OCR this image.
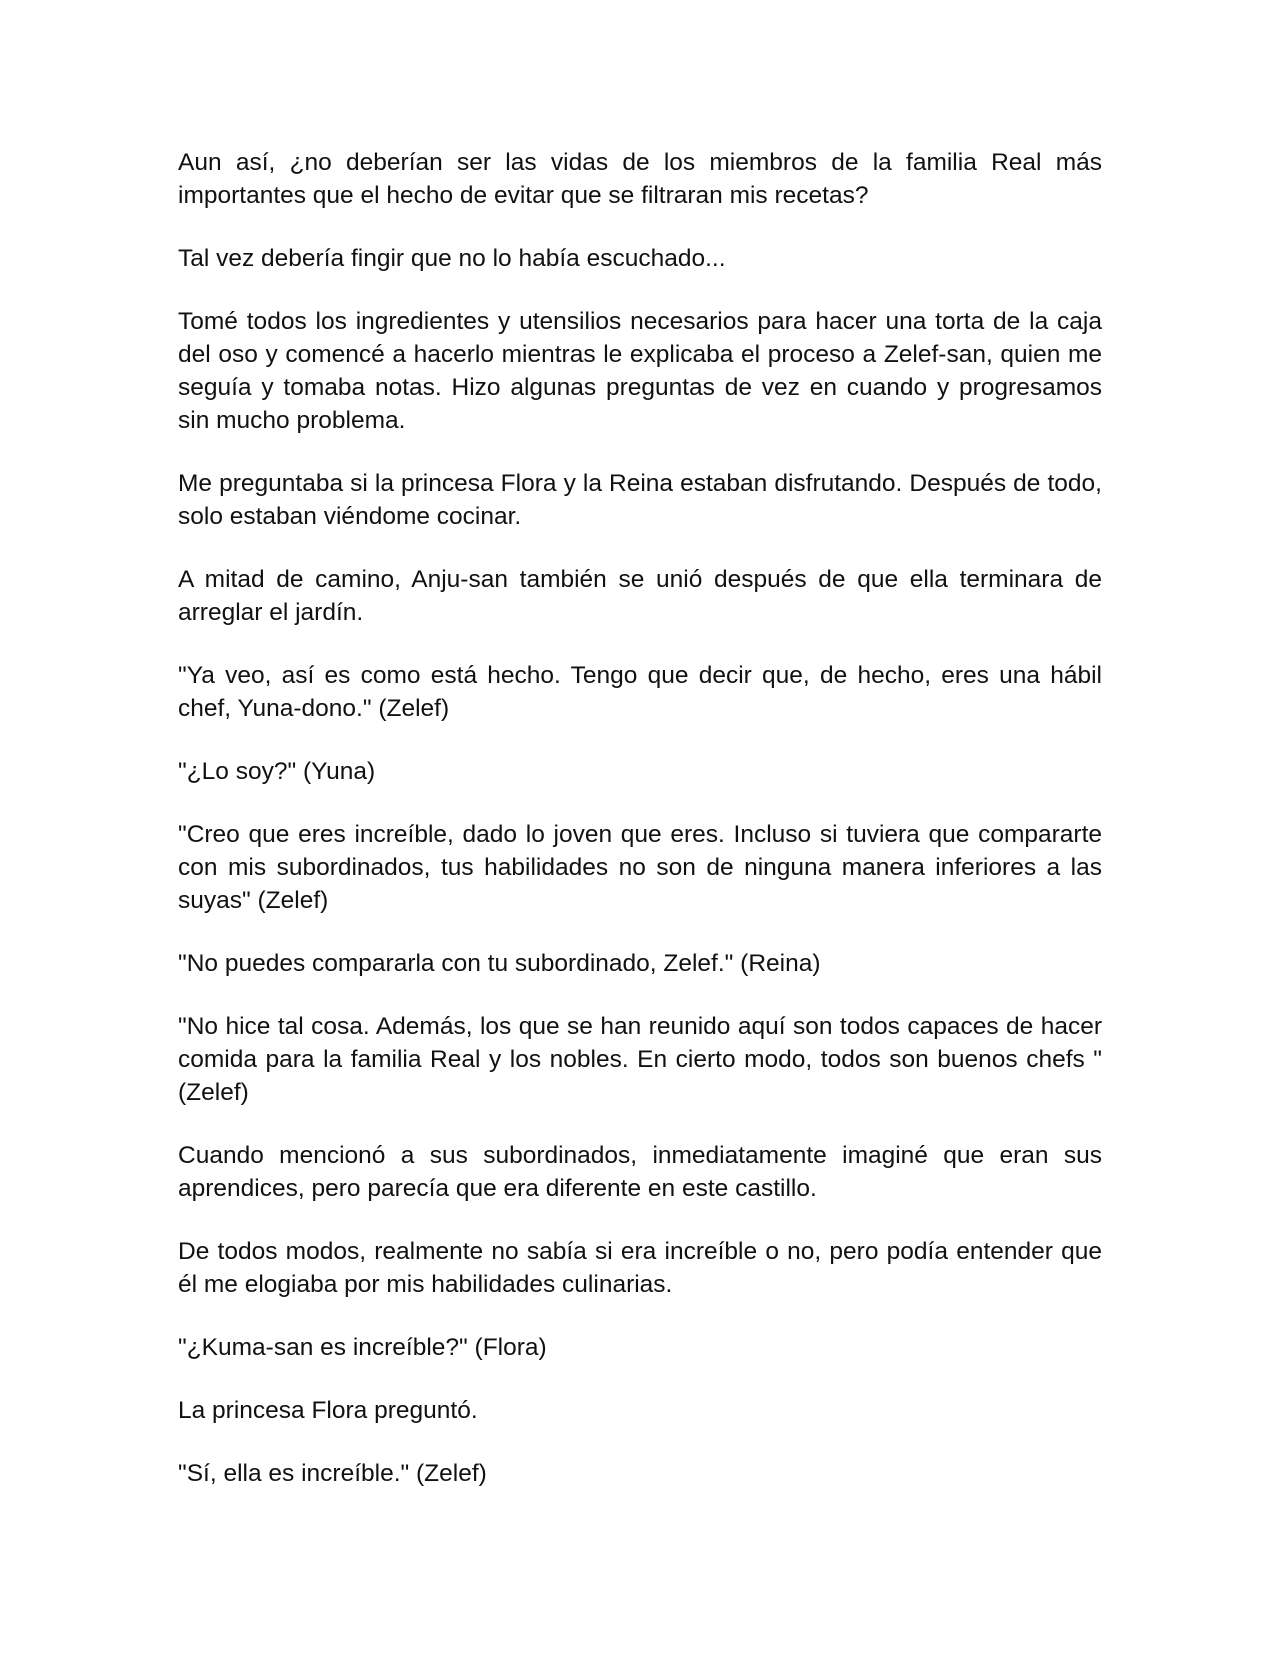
Aun así, ¿no deberían ser las vidas de los miembros de la familia Real más importantes que el hecho de evitar que se filtraran mis recetas?

Tal vez debería fingir que no lo había escuchado...

Tomé todos los ingredientes y utensilios necesarios para hacer una torta de la caja del oso y comencé a hacerlo mientras le explicaba el proceso a Zelef-san, quien me seguía y tomaba notas. Hizo algunas preguntas de vez en cuando y progresamos sin mucho problema.

Me preguntaba si la princesa Flora y la Reina estaban disfrutando. Después de todo, solo estaban viéndome cocinar.

A mitad de camino, Anju-san también se unió después de que ella terminara de arreglar el jardín.

"Ya veo, así es como está hecho. Tengo que decir que, de hecho, eres una hábil chef, Yuna-dono." (Zelef)

"¿Lo soy?" (Yuna)

"Creo que eres increíble, dado lo joven que eres. Incluso si tuviera que compararte con mis subordinados, tus habilidades no son de ninguna manera inferiores a las suyas" (Zelef)

"No puedes compararla con tu subordinado, Zelef." (Reina)

"No hice tal cosa. Además, los que se han reunido aquí son todos capaces de hacer comida para la familia Real y los nobles. En cierto modo, todos son buenos chefs " (Zelef)

Cuando mencionó a sus subordinados, inmediatamente imaginé que eran sus aprendices, pero parecía que era diferente en este castillo.

De todos modos, realmente no sabía si era increíble o no, pero podía entender que él me elogiaba por mis habilidades culinarias.

"¿Kuma-san es increíble?" (Flora)

La princesa Flora preguntó.

"Sí, ella es increíble." (Zelef)
